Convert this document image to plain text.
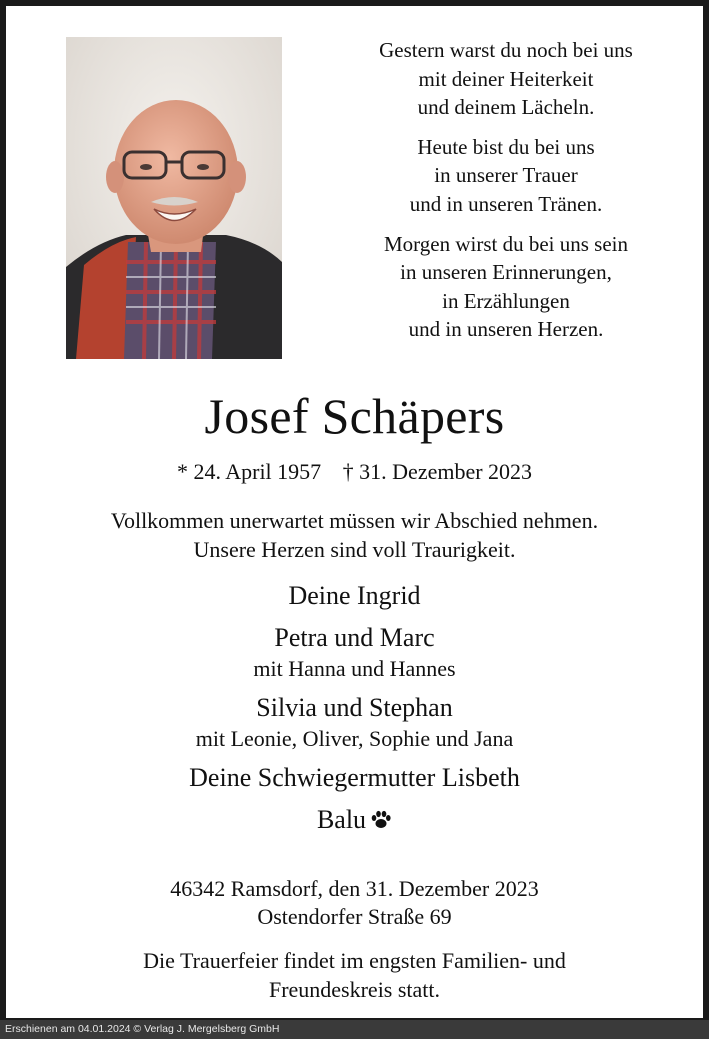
Gestern warst du noch bei uns
mit deiner Heiterkeit
und deinem Lächeln.
Heute bist du bei uns
in unserer Trauer
und in unseren Tränen.
Morgen wirst du bei uns sein
in unseren Erinnerungen,
in Erzählungen
und in unseren Herzen.
Josef Schäpers
* 24. April 1957 † 31. Dezember 2023
Vollkommen unerwartet müssen wir Abschied nehmen.
Unsere Herzen sind voll Traurigkeit.
Deine Ingrid
Petra und Marc
mit Hanna und Hannes
Silvia und Stephan
mit Leonie, Oliver, Sophie und Jana
Deine Schwiegermutter Lisbeth
Balu
46342 Ramsdorf, den 31. Dezember 2023
Ostendorfer Straße 69
Die Trauerfeier findet im engsten Familien- und
Freundeskreis statt.
Erschienen am 04.01.2024 © Verlag J. Mergelsberg GmbH
